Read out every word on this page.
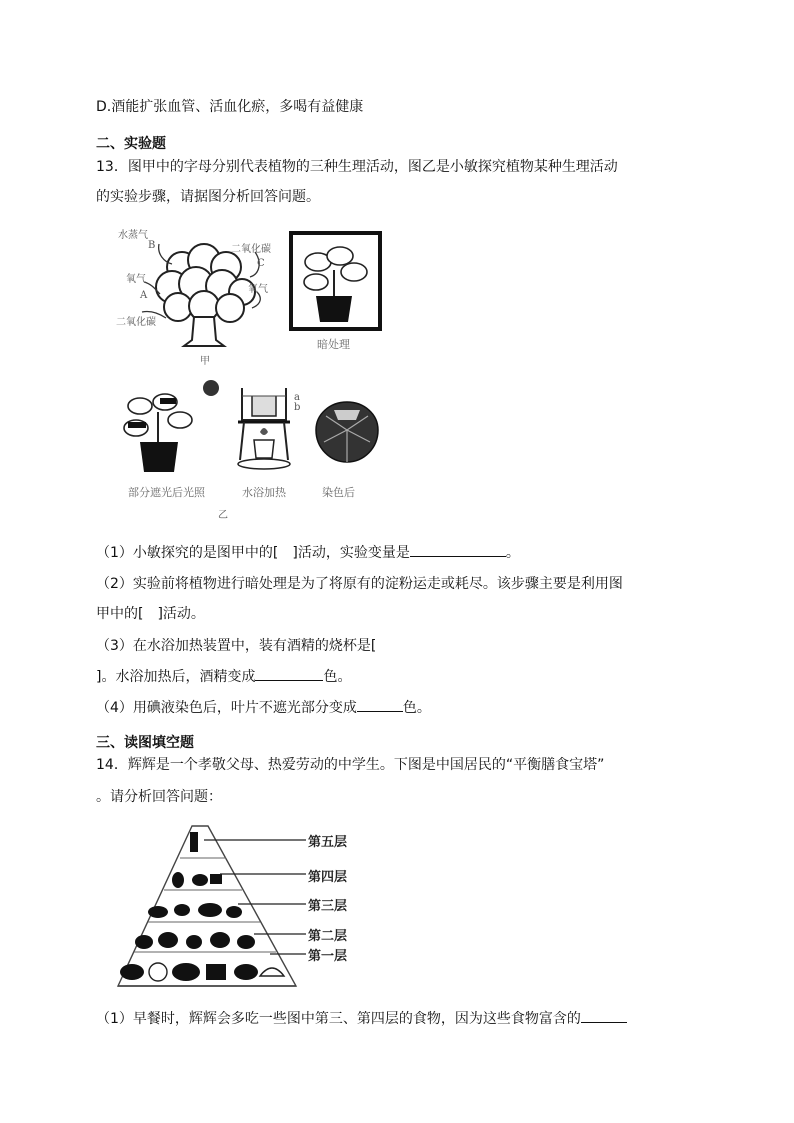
D.酒能扩张血管、活血化瘀，多喝有益健康
二、实验题
13．图甲中的字母分别代表植物的三种生理活动，图乙是小敏探究植物某种生理活动
的实验步骤，请据图分析回答问题。
水蒸气
B	二氧化碳
C
氧气
A
氧气
二氧化碳
暗处理
甲
部分遮光后光照
a
b
水浴加热	染色后
乙
（1）小敏探究的是图甲中的[　]活动，实验变量是	。
（2）实验前将植物进行暗处理是为了将原有的淀粉运走或耗尽。该步骤主要是利用图
甲中的[　]活动。
（3）在水浴加热装置中，装有酒精的烧杯是[
]。水浴加热后，酒精变成	色。
（4）用碘液染色后，叶片不遮光部分变成	色。
三、读图填空题
14．辉辉是一个孝敬父母、热爱劳动的中学生。下图是中国居民的“平衡膳食宝塔”
。请分析回答问题：
第五层
第四层
第三层
第二层
第一层
（1）早餐时，辉辉会多吃一些图中第三、第四层的食物，因为这些食物富含的
